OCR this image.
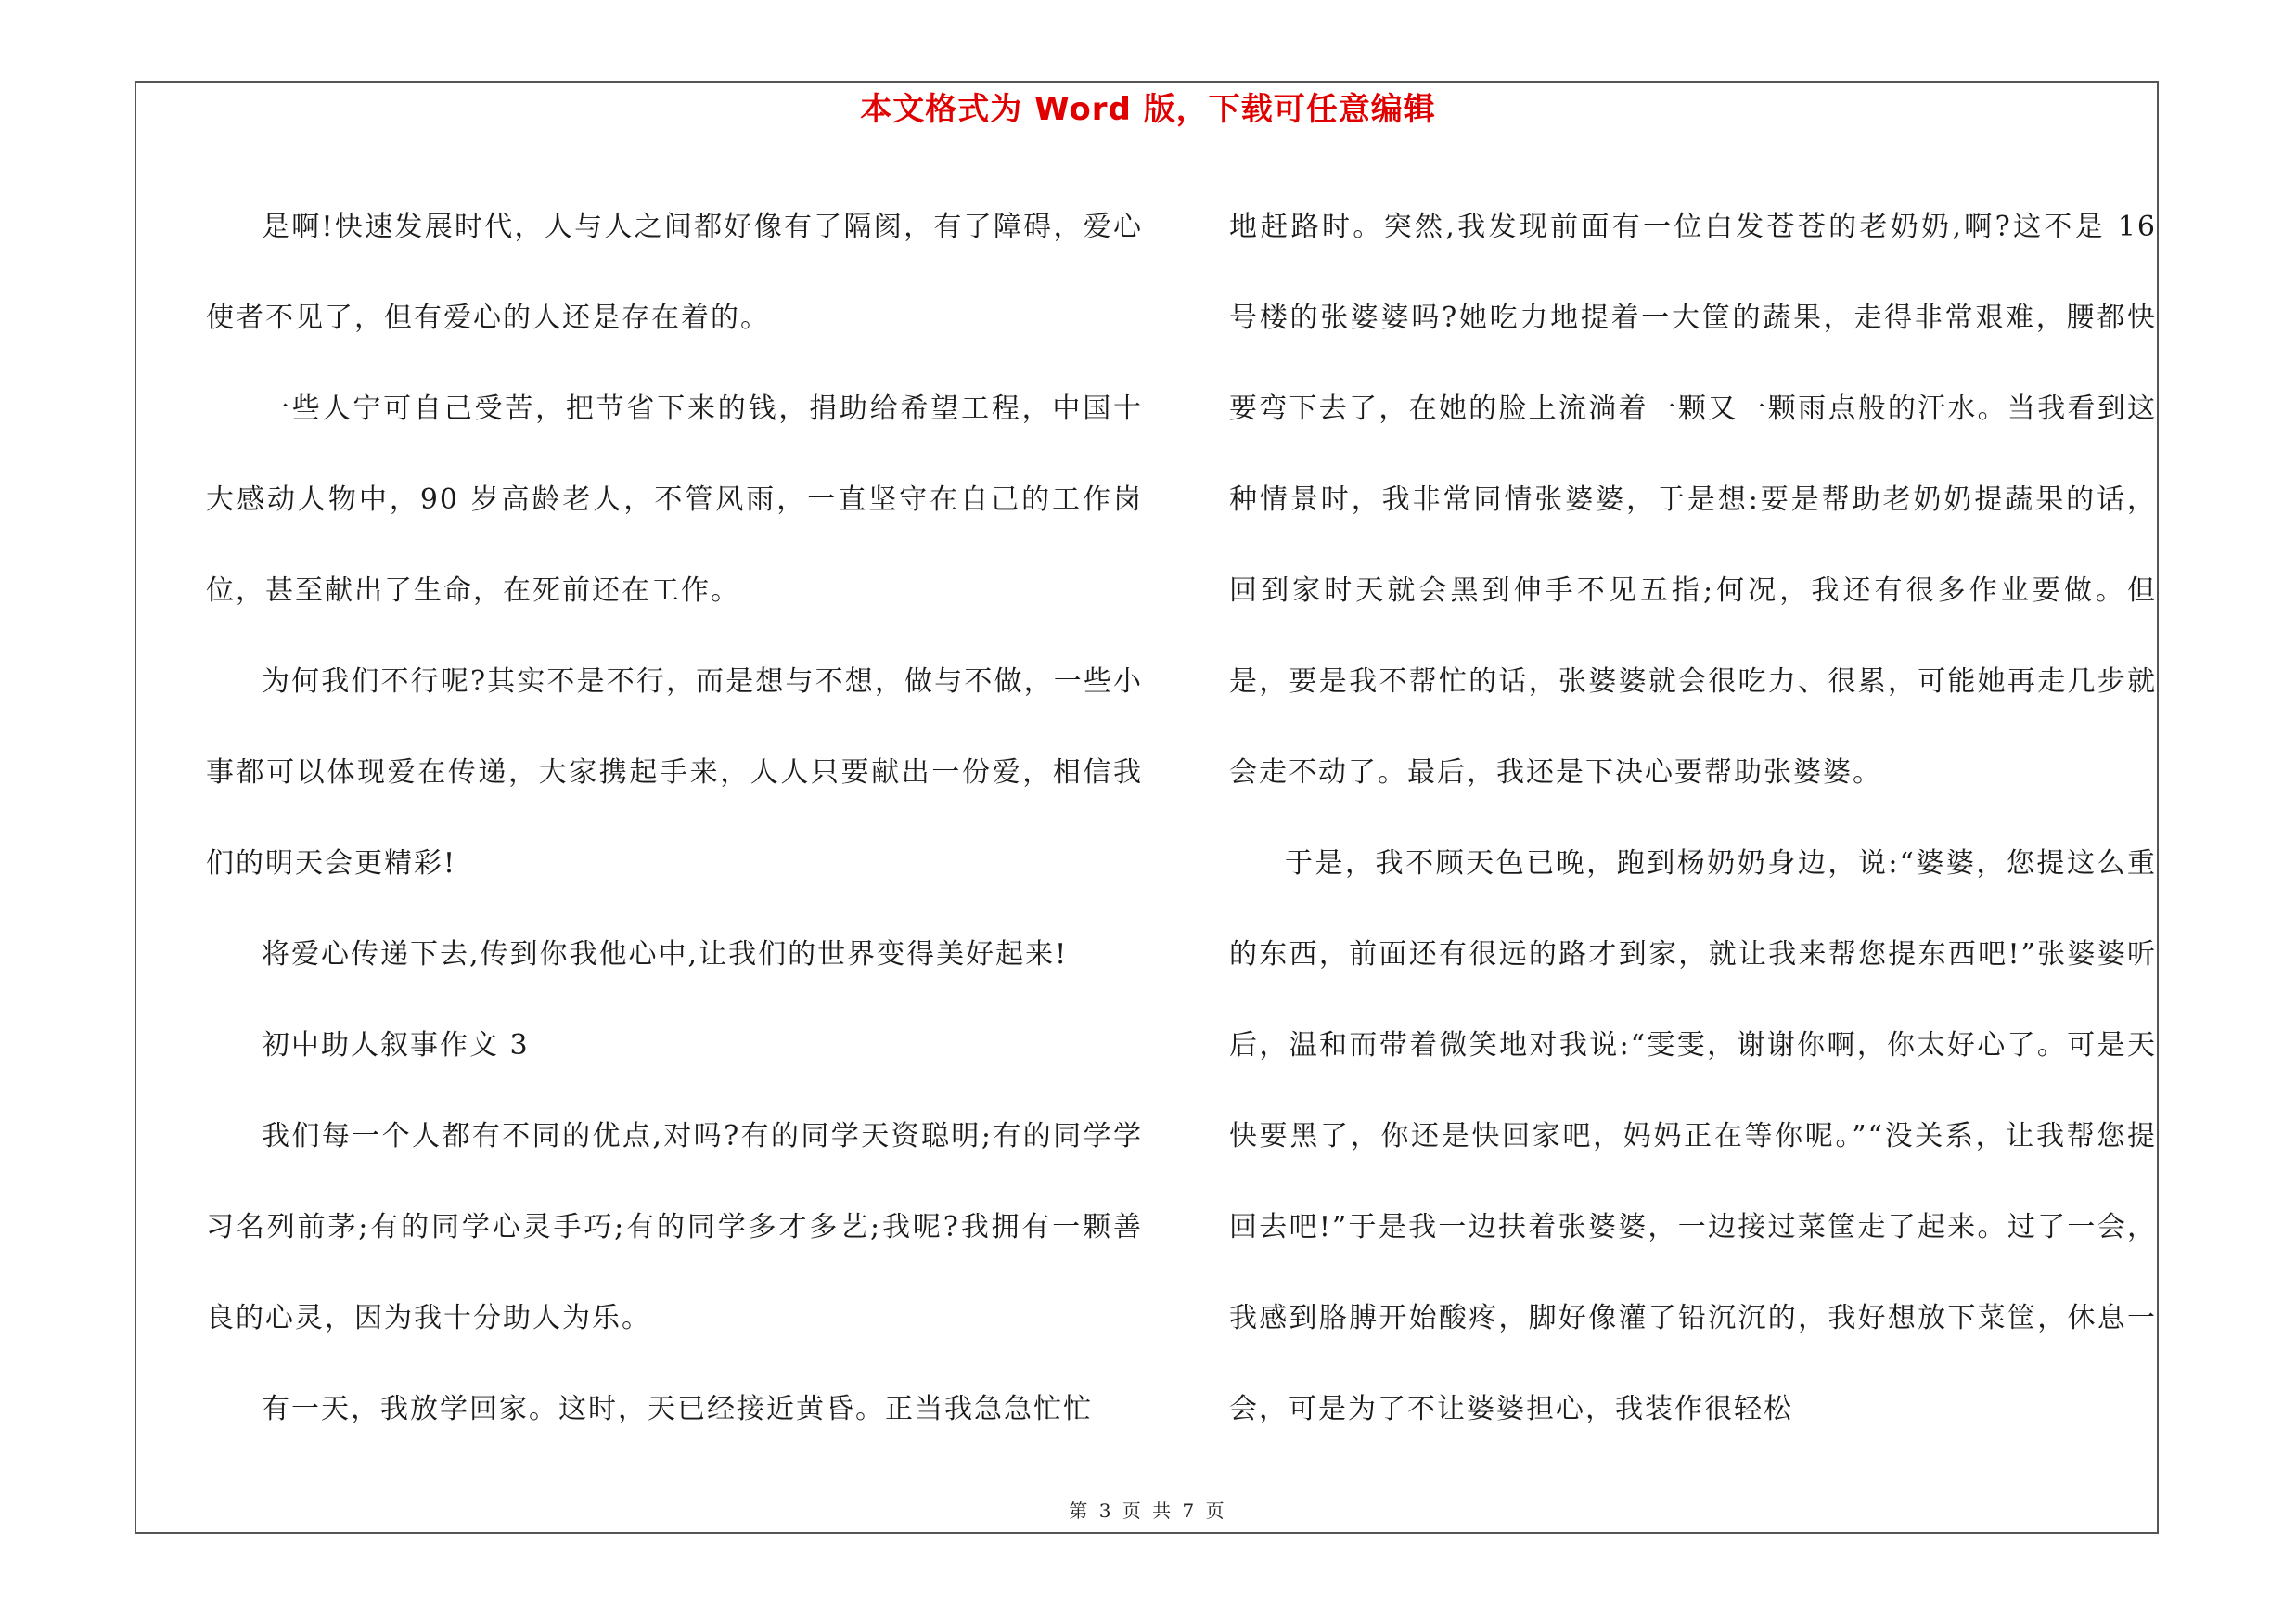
本文格式为 Word 版，下载可任意编辑

是啊!快速发展时代，人与人之间都好像有了隔阂，有了障碍，爱心使者不见了，但有爱心的人还是存在着的。

一些人宁可自己受苦，把节省下来的钱，捐助给希望工程，中国十大感动人物中，90 岁高龄老人，不管风雨，一直坚守在自己的工作岗位，甚至献出了生命，在死前还在工作。

为何我们不行呢?其实不是不行，而是想与不想，做与不做，一些小事都可以体现爱在传递，大家携起手来，人人只要献出一份爱，相信我们的明天会更精彩!

将爱心传递下去,传到你我他心中,让我们的世界变得美好起来!

初中助人叙事作文 3

我们每一个人都有不同的优点,对吗?有的同学天资聪明;有的同学学习名列前茅;有的同学心灵手巧;有的同学多才多艺;我呢?我拥有一颗善良的心灵，因为我十分助人为乐。

有一天，我放学回家。这时，天已经接近黄昏。正当我急急忙忙

地赶路时。突然,我发现前面有一位白发苍苍的老奶奶,啊?这不是 16 号楼的张婆婆吗?她吃力地提着一大筐的蔬果，走得非常艰难，腰都快要弯下去了，在她的脸上流淌着一颗又一颗雨点般的汗水。当我看到这种情景时，我非常同情张婆婆，于是想:要是帮助老奶奶提蔬果的话，回到家时天就会黑到伸手不见五指;何况，我还有很多作业要做。但是，要是我不帮忙的话，张婆婆就会很吃力、很累，可能她再走几步就会走不动了。最后，我还是下决心要帮助张婆婆。

于是，我不顾天色已晚，跑到杨奶奶身边，说:“婆婆，您提这么重的东西，前面还有很远的路才到家，就让我来帮您提东西吧!”张婆婆听后，温和而带着微笑地对我说:“雯雯，谢谢你啊，你太好心了。可是天快要黑了，你还是快回家吧，妈妈正在等你呢。”“没关系，让我帮您提回去吧!”于是我一边扶着张婆婆，一边接过菜筐走了起来。过了一会，我感到胳膊开始酸疼，脚好像灌了铅沉沉的，我好想放下菜筐，休息一会，可是为了不让婆婆担心，我装作很轻松

第 3 页 共 7 页
